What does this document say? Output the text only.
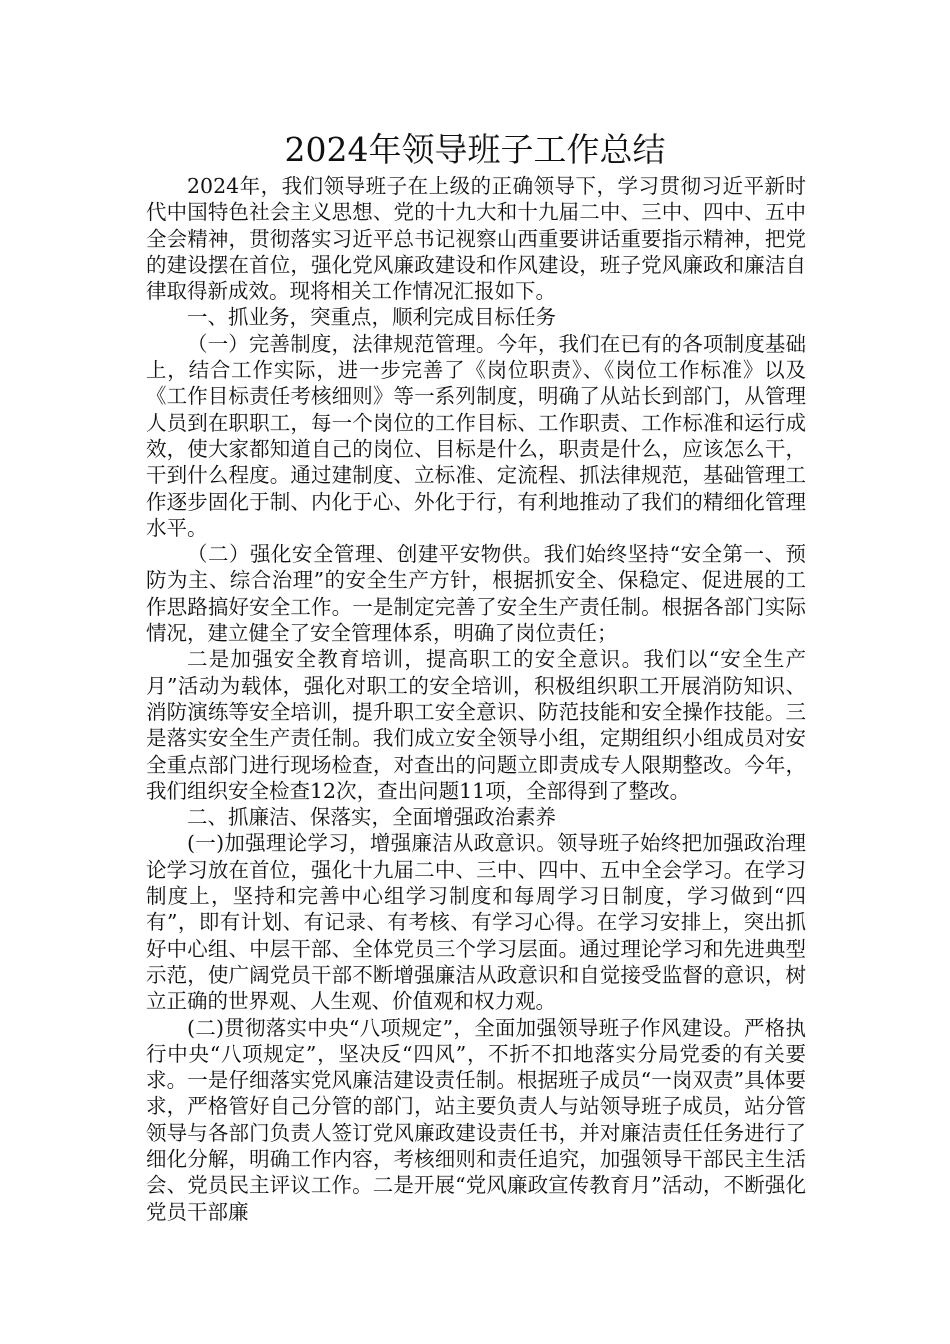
2024年领导班子工作总结

2024年，我们领导班子在上级的正确领导下，学习贯彻习近平新时代中国特色社会主义思想、党的十九大和十九届二中、三中、四中、五中全会精神，贯彻落实习近平总书记视察山西重要讲话重要指示精神，把党的建设摆在首位，强化党风廉政建设和作风建设，班子党风廉政和廉洁自律取得新成效。现将相关工作情况汇报如下。

一、抓业务，突重点，顺利完成目标任务

（一）完善制度，法律规范管理。今年，我们在已有的各项制度基础上，结合工作实际，进一步完善了《岗位职责》、《岗位工作标准》以及《工作目标责任考核细则》等一系列制度，明确了从站长到部门，从管理人员到在职职工，每一个岗位的工作目标、工作职责、工作标准和运行成效，使大家都知道自己的岗位、目标是什么，职责是什么，应该怎么干，干到什么程度。通过建制度、立标准、定流程、抓法律规范，基础管理工作逐步固化于制、内化于心、外化于行，有利地推动了我们的精细化管理水平。

（二）强化安全管理、创建平安物供。我们始终坚持“安全第一、预防为主、综合治理”的安全生产方针，根据抓安全、保稳定、促进展的工作思路搞好安全工作。一是制定完善了安全生产责任制。根据各部门实际情况，建立健全了安全管理体系，明确了岗位责任；

二是加强安全教育培训，提高职工的安全意识。我们以“安全生产月”活动为载体，强化对职工的安全培训，积极组织职工开展消防知识、消防演练等安全培训，提升职工安全意识、防范技能和安全操作技能。三是落实安全生产责任制。我们成立安全领导小组，定期组织小组成员对安全重点部门进行现场检查，对查出的问题立即责成专人限期整改。今年，我们组织安全检查12次，查出问题11项，全部得到了整改。

二、抓廉洁、保落实，全面增强政治素养

(一)加强理论学习，增强廉洁从政意识。领导班子始终把加强政治理论学习放在首位，强化十九届二中、三中、四中、五中全会学习。在学习制度上，坚持和完善中心组学习制度和每周学习日制度，学习做到“四有”，即有计划、有记录、有考核、有学习心得。在学习安排上，突出抓好中心组、中层干部、全体党员三个学习层面。通过理论学习和先进典型示范，使广阔党员干部不断增强廉洁从政意识和自觉接受监督的意识，树立正确的世界观、人生观、价值观和权力观。

(二)贯彻落实中央“八项规定”，全面加强领导班子作风建设。严格执行中央“八项规定”，坚决反“四风”，不折不扣地落实分局党委的有关要求。一是仔细落实党风廉洁建设责任制。根据班子成员“一岗双责”具体要求，严格管好自己分管的部门，站主要负责人与站领导班子成员，站分管领导与各部门负责人签订党风廉政建设责任书，并对廉洁责任任务进行了细化分解，明确工作内容，考核细则和责任追究，加强领导干部民主生活会、党员民主评议工作。二是开展“党风廉政宣传教育月”活动，不断强化党员干部廉
